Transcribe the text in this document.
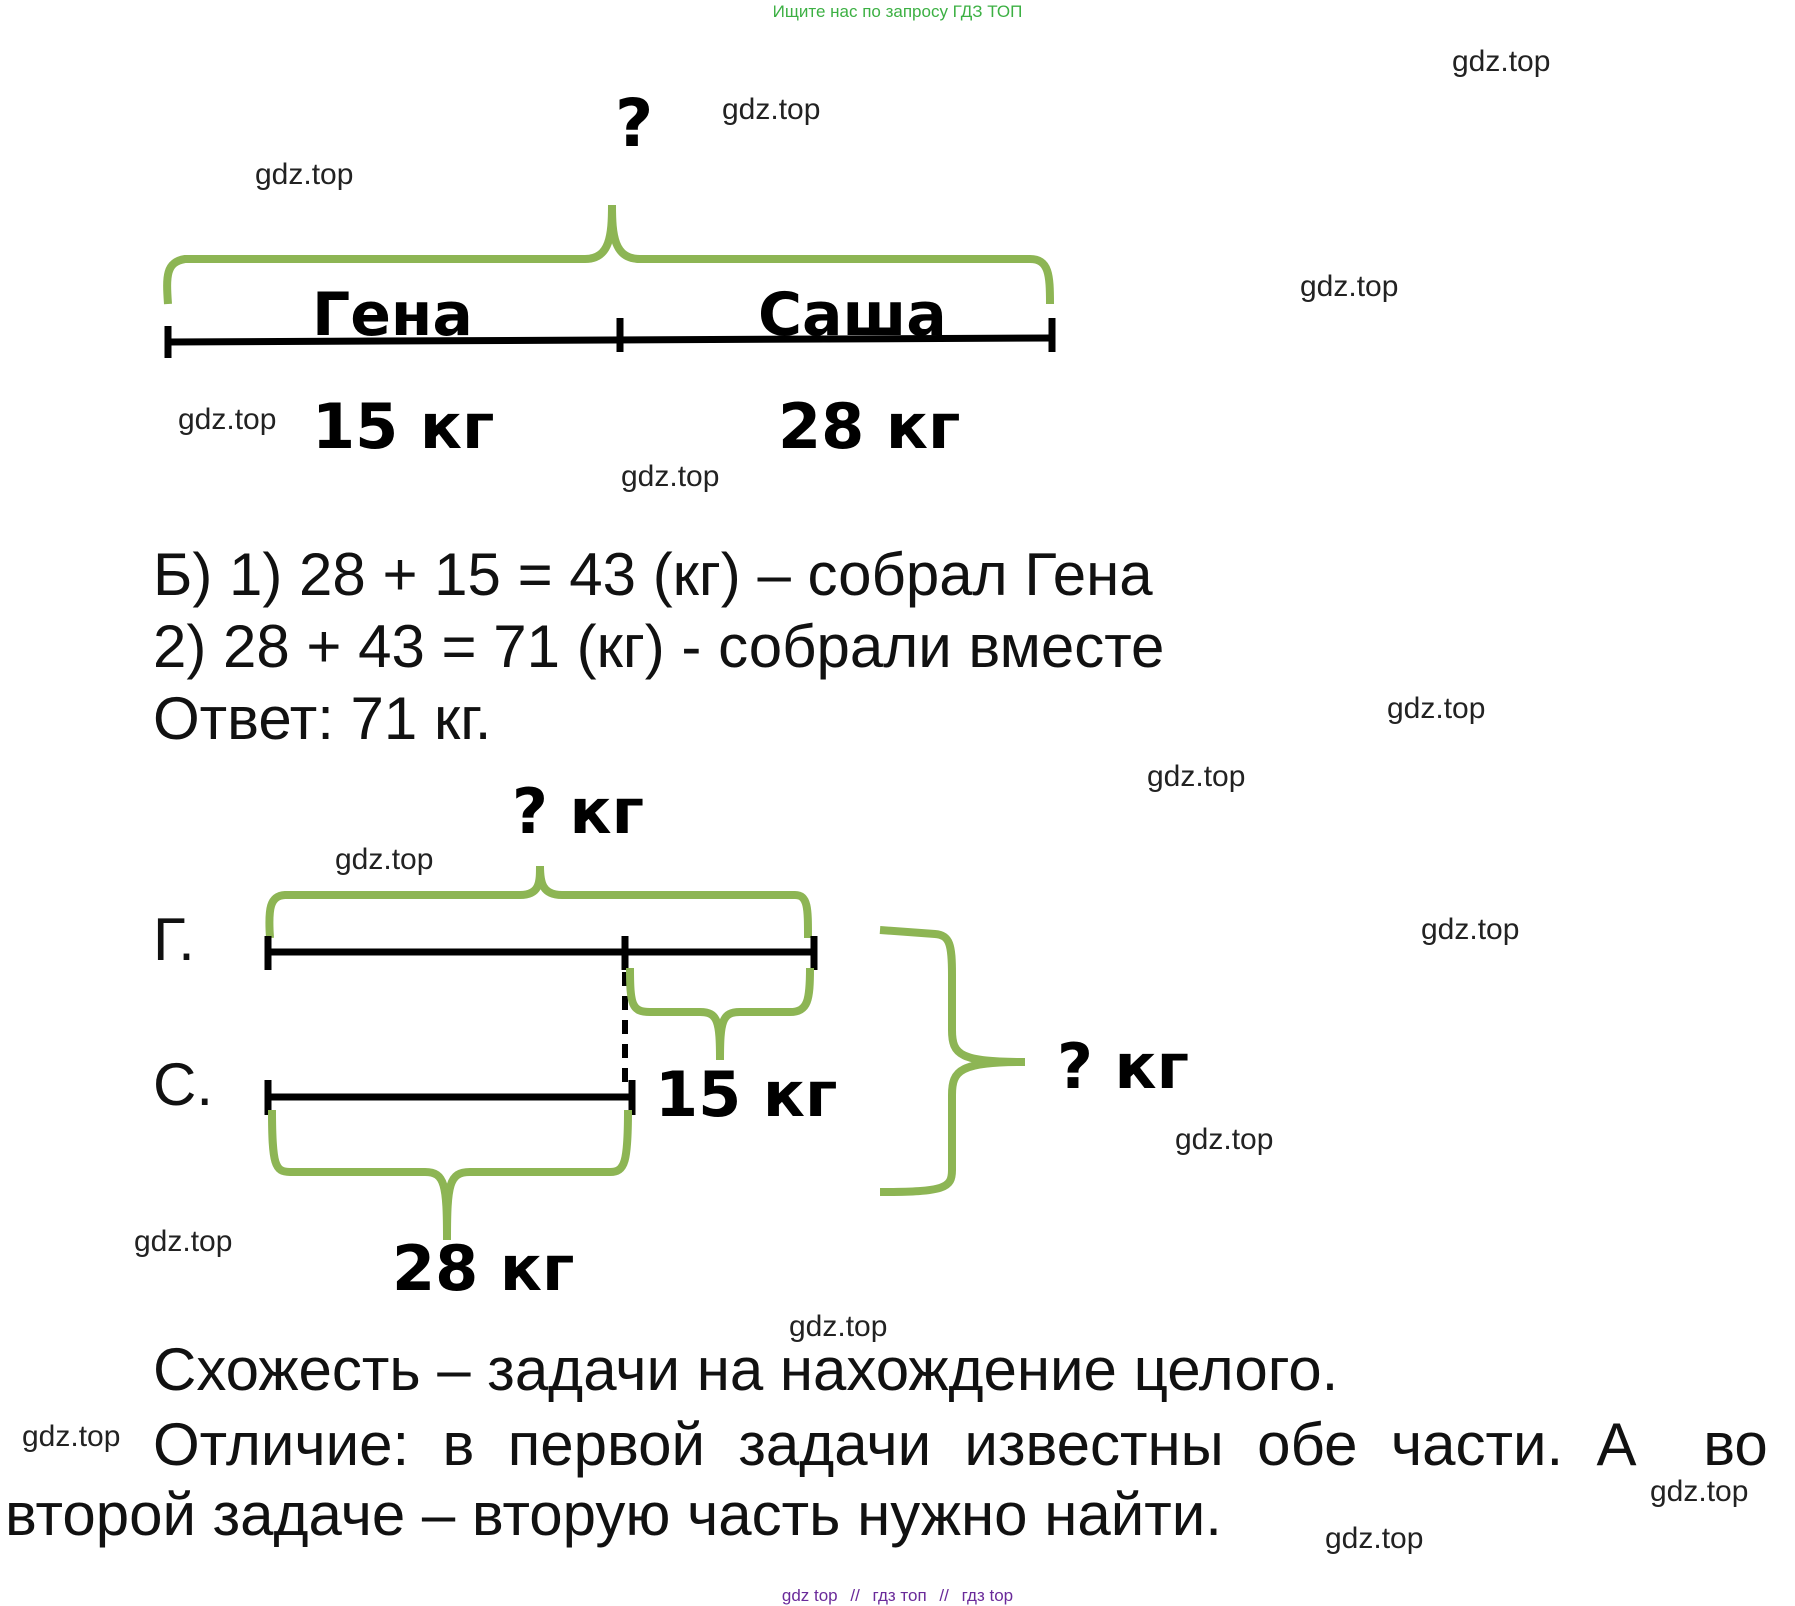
Ищите нас по запросу ГДЗ ТОП
?
Гена	Саша
15 кг	28 кг
Б) 1) 28 + 15 = 43 (кг) – собрал Гена
2) 28 + 43 = 71 (кг) - собрали вместе
Ответ: 71 кг.
? кг
Г.
С.	15 кг
28 кг
? кг
Схожесть – задачи на нахождение целого.
Отличие:  в  первой  задачи  известны  обе  части.  А    во
второй задаче – вторую часть нужно найти.
gdz.top
gdz.top
gdz.top
gdz.top
gdz.top
gdz.top
gdz.top
gdz.top
gdz.top
gdz.top
gdz.top
gdz.top
gdz.top
gdz.top
gdz.top
gdz.top
gdz top // гдз топ // гдз top
